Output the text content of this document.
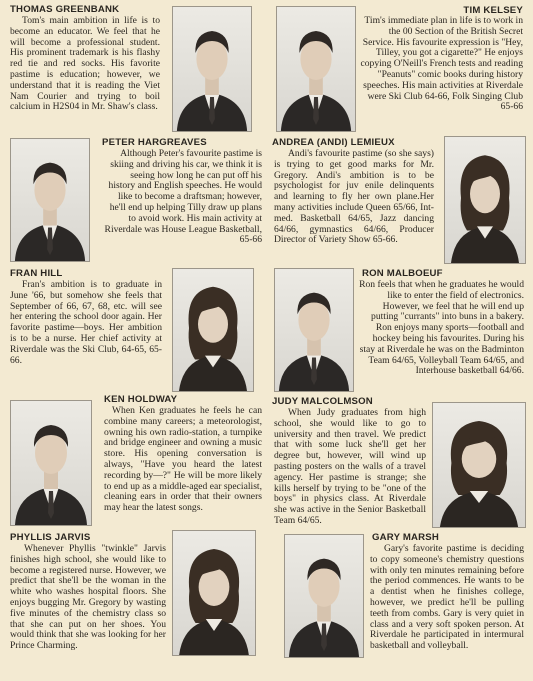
THOMAS GREENBANK
Tom's main ambition in life is to become an educator. We feel that he will become a professional student. His prominent trademark is his flashy red tie and red socks. His favorite pastime is education; however, we understand that it is reading the Viet Nam Courier and trying to boil calcium in H2S04 in Mr. Shaw's class.
TIM KELSEY
Tim's immediate plan in life is to work in the 00 Section of the British Secret Service. His favourite expression is "Hey, Tilley, you got a cigarette?" He enjoys copying O'Neill's French tests and reading "Peanuts" comic books during history speeches. His main activities at Riverdale were Ski Club 64-66, Folk Singing Club 65-66
PETER HARGREAVES
Although Peter's favourite pastime is skiing and driving his car, we think it is seeing how long he can put off his history and English speeches. He would like to become a draftsman; however, he'll end up helping Tilly draw up plans to avoid work. His main activity at Riverdale was House League Basketball, 65-66
ANDREA (ANDI) LEMIEUX
Andi's favourite pastime (so she says) is trying to get good marks for Mr. Gregory. Andi's ambition is to be psychologist for juv enile delinquents and learning to fly her own plane.Her many activities include Queen 65/66, Int-med. Basketball 64/65, Jazz dancing 64/66, gymnastics 64/66, Producer Director of Variety Show 65-66.
FRAN HILL
Fran's ambition is to graduate in June '66, but somehow she feels that September of 66, 67, 68, etc. will see her entering the school door again. Her favorite pastime—boys. Her ambition is to be a nurse. Her chief activity at Riverdale was the Ski Club, 64-65, 65-66.
RON MALBOEUF
Ron feels that when he graduates he would like to enter the field of electronics. However, we feel that he will end up putting "currants" into buns in a bakery. Ron enjoys many sports—football and hockey being his favourites. During his stay at Riverdale he was on the Badminton Team 64/65, Volleyball Team 64/65, and Interhouse basketball 64/66.
KEN HOLDWAY
When Ken graduates he feels he can combine many careers; a meteorologist, owning his own radio-station, a turnpike and bridge engineer and owning a music store. His opening conversation is always, "Have you heard the latest recording by—?" He will be more likely to end up as a middle-aged ear specialist, cleaning ears in order that their owners may hear the latest songs.
JUDY MALCOLMSON
When Judy graduates from high school, she would like to go to university and then travel. We predict that with some luck she'll get her degree but, however, will wind up pasting posters on the walls of a travel agency. Her pastime is strange; she kills herself by trying to be "one of the boys" in physics class. At Riverdale she was active in the Senior Basketball Team 64/65.
PHYLLIS JARVIS
Whenever Phyllis "twinkle" Jarvis finishes high school, she would like to become a registered nurse. However, we predict that she'll be the woman in the white who washes hospital floors. She enjoys bugging Mr. Gregory by wasting five minutes of the chemistry class so that she can put on her shoes. You would think that she was looking for her Prince Charming.
GARY MARSH
Gary's favorite pastime is deciding to copy someone's chemistry questions with only ten minutes remaining before the period commences. He wants to be a dentist when he finishes college, however, we predict he'll be pulling teeth from combs. Gary is very quiet in class and a very soft spoken person. At Riverdale he participated in intermural basketball and volleyball.
